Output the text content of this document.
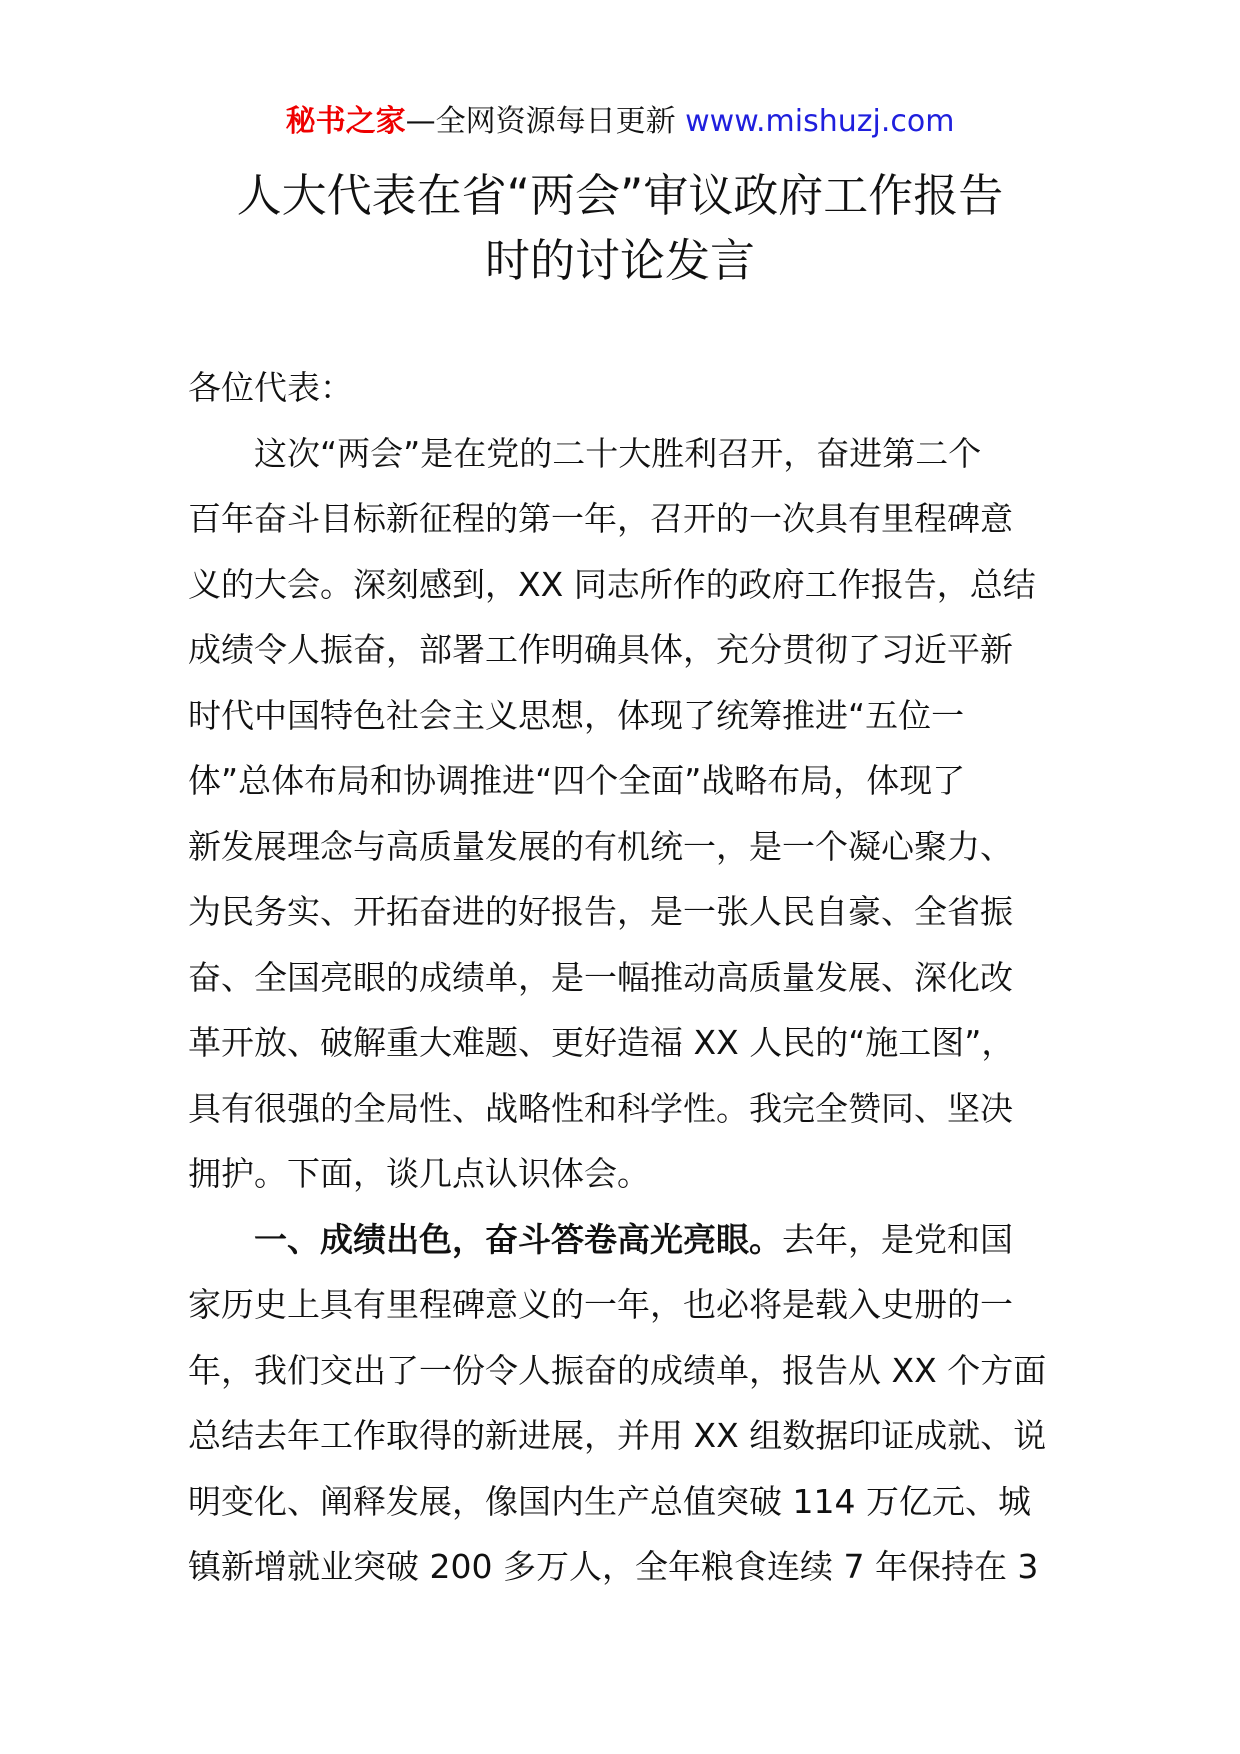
秘书之家—全网资源每日更新 www.mishuzj.com
人大代表在省“两会”审议政府工作报告
时的讨论发言
各位代表：
　　这次“两会”是在党的二十大胜利召开，奋进第二个
百年奋斗目标新征程的第一年，召开的一次具有里程碑意
义的大会。深刻感到，XX 同志所作的政府工作报告，总结
成绩令人振奋，部署工作明确具体，充分贯彻了习近平新
时代中国特色社会主义思想，体现了统筹推进“五位一
体”总体布局和协调推进“四个全面”战略布局，体现了
新发展理念与高质量发展的有机统一，是一个凝心聚力、
为民务实、开拓奋进的好报告，是一张人民自豪、全省振
奋、全国亮眼的成绩单，是一幅推动高质量发展、深化改
革开放、破解重大难题、更好造福 XX 人民的“施工图”，
具有很强的全局性、战略性和科学性。我完全赞同、坚决
拥护。下面，谈几点认识体会。
　　一、成绩出色，奋斗答卷高光亮眼。去年，是党和国
家历史上具有里程碑意义的一年，也必将是载入史册的一
年，我们交出了一份令人振奋的成绩单，报告从 XX 个方面
总结去年工作取得的新进展，并用 XX 组数据印证成就、说
明变化、阐释发展，像国内生产总值突破 114 万亿元、城
镇新增就业突破 200 多万人，全年粮食连续 7 年保持在 3
